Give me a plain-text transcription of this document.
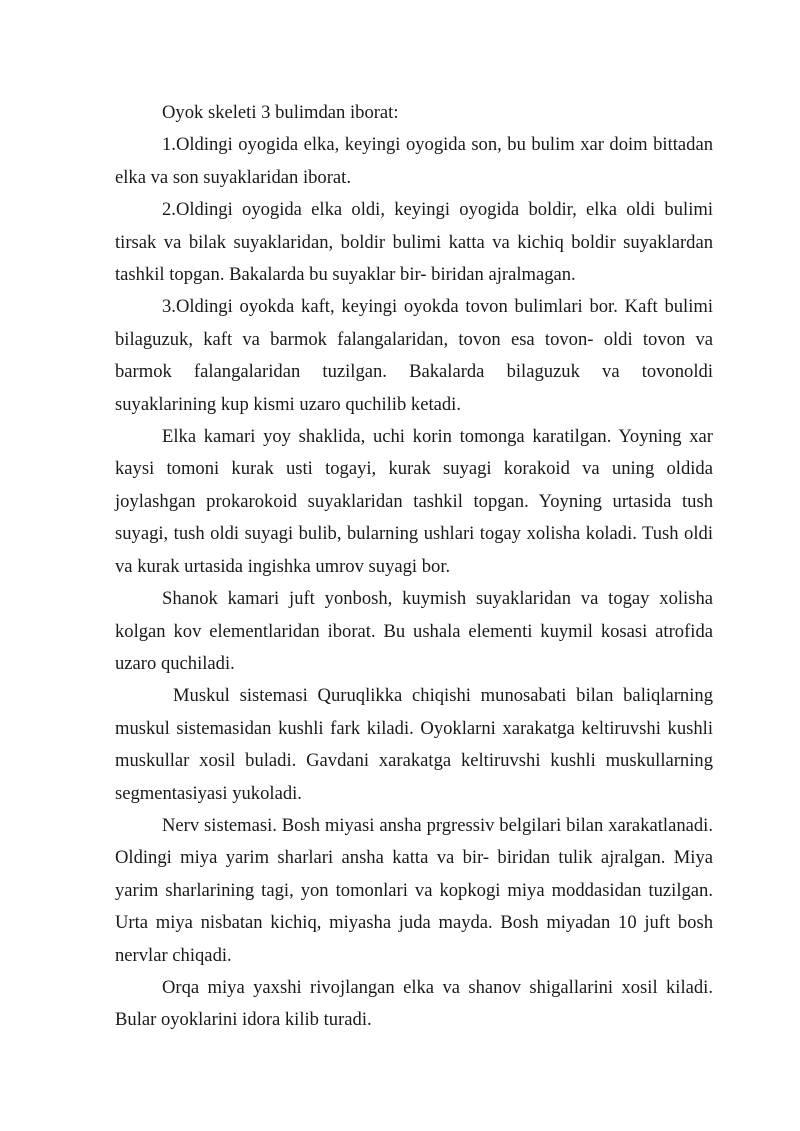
Oyok skeleti 3 bulimdan iborat:

1.Oldingi oyogida elka, keyingi oyogida son, bu bulim xar doim bittadan elka va son suyaklaridan iborat.

2.Oldingi oyogida elka oldi, keyingi oyogida boldir, elka oldi bulimi tirsak va bilak suyaklaridan, boldir bulimi katta va kichiq boldir suyaklardan tashkil topgan. Bakalarda bu suyaklar bir- biridan ajralmagan.

3.Oldingi oyokda kaft, keyingi oyokda tovon bulimlari bor. Kaft bulimi bilaguzuk, kaft va barmok falangalaridan, tovon esa tovon- oldi tovon va barmok falangalaridan tuzilgan. Bakalarda bilaguzuk va tovonoldi suyaklarining kup kismi uzaro quchilib ketadi.

Elka kamari yoy shaklida, uchi korin tomonga karatilgan. Yoyning xar kaysi tomoni kurak usti togayi, kurak suyagi korakoid va uning oldida joylashgan prokarokoid suyaklaridan tashkil topgan. Yoyning urtasida tush suyagi, tush oldi suyagi bulib, bularning ushlari togay xolisha koladi. Tush oldi va kurak urtasida ingishka umrov suyagi bor.

Shanok kamari juft yonbosh, kuymish suyaklaridan va togay xolisha kolgan kov elementlaridan iborat. Bu ushala elementi kuymil kosasi atrofida uzaro quchiladi.

Muskul sistemasi Quruqlikka chiqishi munosabati bilan baliqlarning muskul sistemasidan kushli fark kiladi. Oyoklarni xarakatga keltiruvshi kushli muskullar xosil buladi. Gavdani xarakatga keltiruvshi kushli muskullarning segmentasiyasi yukoladi.

Nerv sistemasi. Bosh miyasi ansha prgressiv belgilari bilan xarakatlanadi. Oldingi miya yarim sharlari ansha katta va bir- biridan tulik ajralgan. Miya yarim sharlarining tagi, yon tomonlari va kopkogi miya moddasidan tuzilgan. Urta miya nisbatan kichiq, miyasha juda mayda. Bosh miyadan 10 juft bosh nervlar chiqadi.

Orqa miya yaxshi rivojlangan elka va shanov shigallarini xosil kiladi. Bular oyoklarini idora kilib turadi.
